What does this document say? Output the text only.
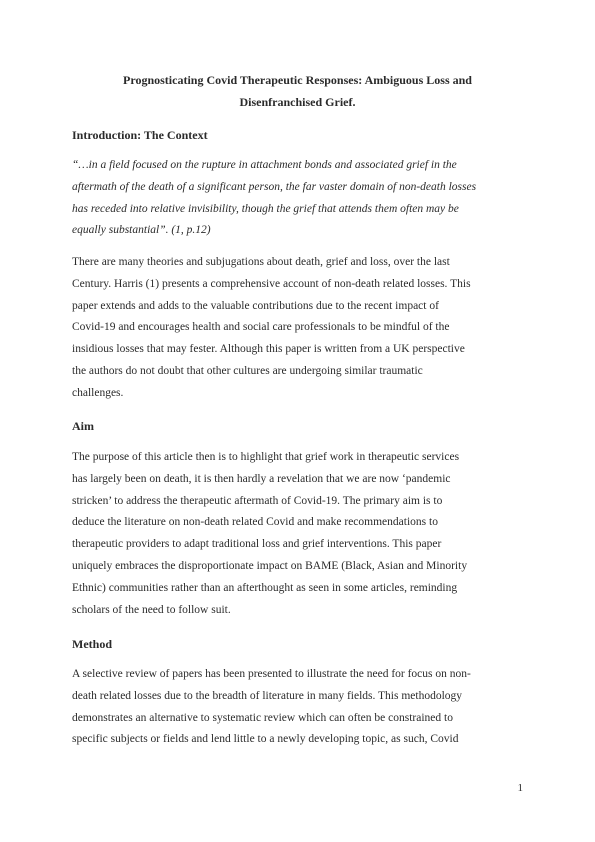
Prognosticating Covid Therapeutic Responses: Ambiguous Loss and
Disenfranchised Grief.
Introduction: The Context
“…in a field focused on the rupture in attachment bonds and associated grief in the
aftermath of the death of a significant person, the far vaster domain of non-death losses
has receded into relative invisibility, though the grief that attends them often may be
equally substantial”. (1, p.12)
There are many theories and subjugations about death, grief and loss, over the last
Century. Harris (1) presents a comprehensive account of non-death related losses. This
paper extends and adds to the valuable contributions due to the recent impact of
Covid-19 and encourages health and social care professionals to be mindful of the
insidious losses that may fester. Although this paper is written from a UK perspective
the authors do not doubt that other cultures are undergoing similar traumatic
challenges.
Aim
The purpose of this article then is to highlight that grief work in therapeutic services
has largely been on death, it is then hardly a revelation that we are now ‘pandemic
stricken’ to address the therapeutic aftermath of Covid-19. The primary aim is to
deduce the literature on non-death related Covid and make recommendations to
therapeutic providers to adapt traditional loss and grief interventions. This paper
uniquely embraces the disproportionate impact on BAME (Black, Asian and Minority
Ethnic) communities rather than an afterthought as seen in some articles, reminding
scholars of the need to follow suit.
Method
A selective review of papers has been presented to illustrate the need for focus on non-
death related losses due to the breadth of literature in many fields. This methodology
demonstrates an alternative to systematic review which can often be constrained to
specific subjects or fields and lend little to a newly developing topic, as such, Covid
1
